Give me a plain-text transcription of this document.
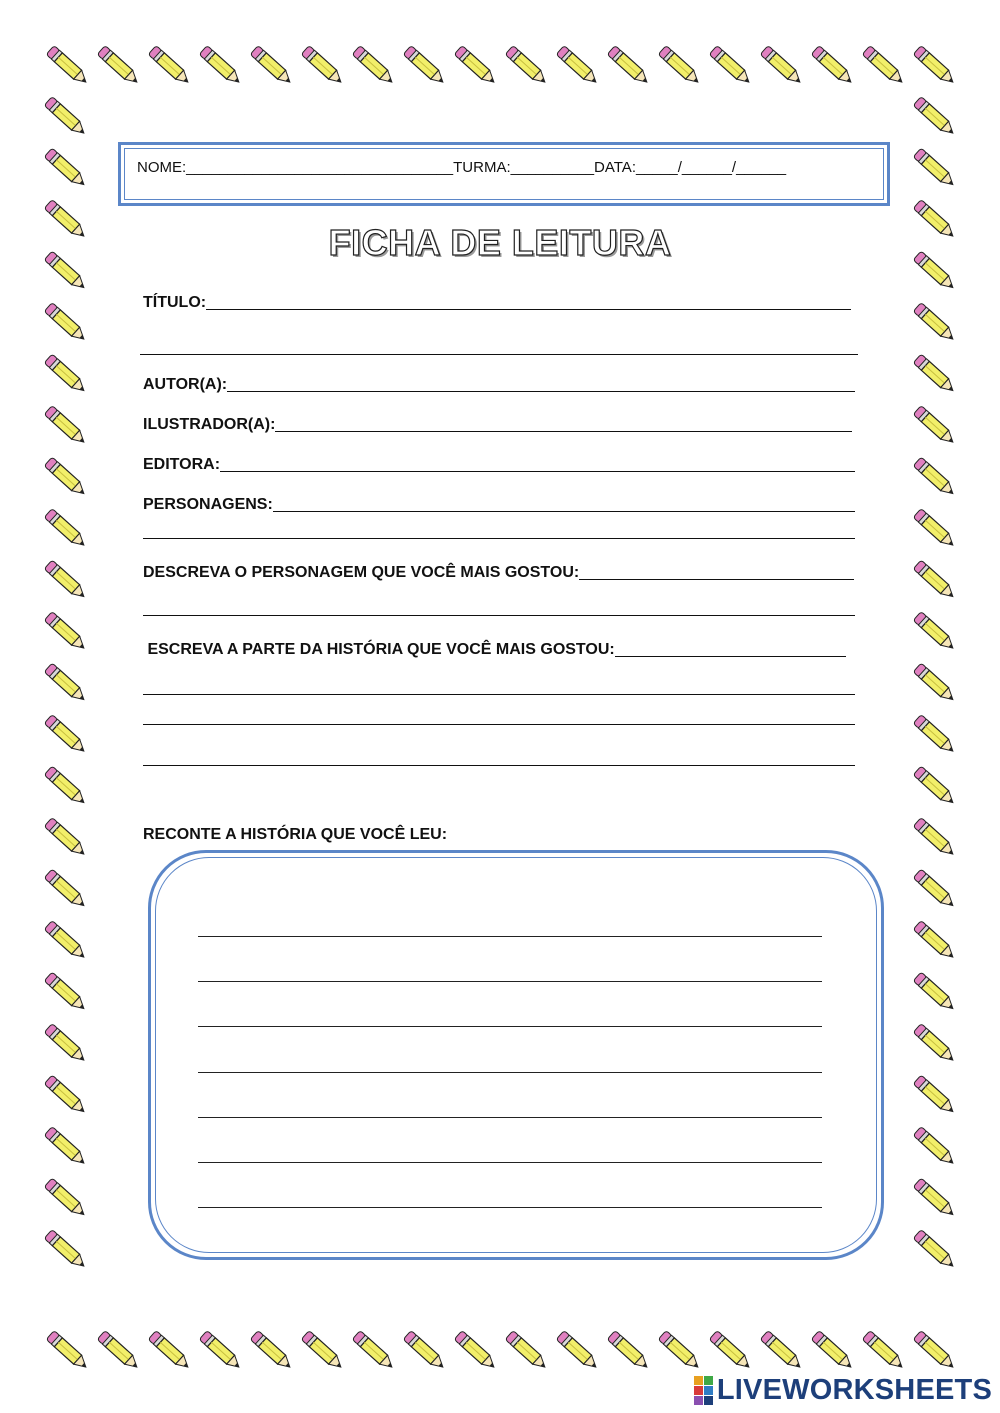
NOME:________________________________TURMA:__________DATA:_____/______/______
FICHA DE LEITURA
TÍTULO:
AUTOR(A):
ILUSTRADOR(A):
EDITORA:
PERSONAGENS:
DESCREVA O PERSONAGEM QUE VOCÊ MAIS GOSTOU:
ESCREVA A PARTE DA HISTÓRIA QUE VOCÊ MAIS GOSTOU:
RECONTE A HISTÓRIA QUE VOCÊ LEU:
LIVEWORKSHEETS
